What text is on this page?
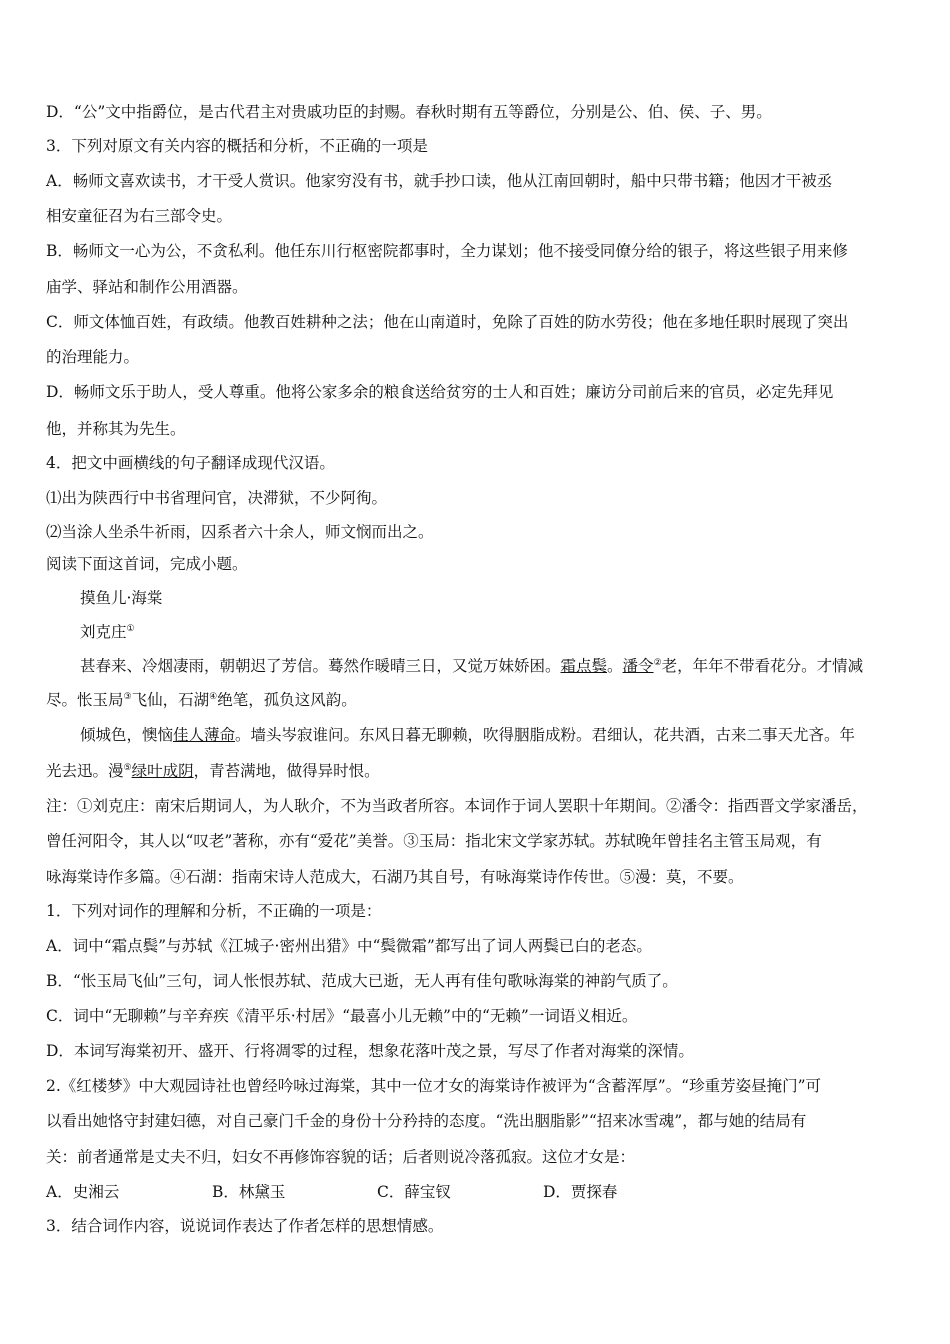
D．“公”文中指爵位，是古代君主对贵戚功臣的封赐。春秋时期有五等爵位，分别是公、伯、侯、子、男。
3．下列对原文有关内容的概括和分析，不正确的一项是
A．畅师文喜欢读书，才干受人赏识。他家穷没有书，就手抄口读，他从江南回朝时，船中只带书籍；他因才干被丞
相安童征召为右三部令史。
B．畅师文一心为公，不贪私利。他任东川行枢密院都事时，全力谋划；他不接受同僚分给的银子，将这些银子用来修
庙学、驿站和制作公用酒器。
C．师文体恤百姓，有政绩。他教百姓耕种之法；他在山南道时，免除了百姓的防水劳役；他在多地任职时展现了突出
的治理能力。
D．畅师文乐于助人，受人尊重。他将公家多余的粮食送给贫穷的士人和百姓；廉访分司前后来的官员，必定先拜见
他，并称其为先生。
4．把文中画横线的句子翻译成现代汉语。
⑴出为陕西行中书省理问官，决滞狱，不少阿徇。
⑵当涂人坐杀牛祈雨，囚系者六十余人，师文悯而出之。
阅读下面这首词，完成小题。
摸鱼儿·海棠
刘克庄①
甚春来、冷烟凄雨，朝朝迟了芳信。蓦然作暖晴三日，又觉万妹娇困。霜点鬓。潘令②老，年年不带看花分。才情减
尽。怅玉局③飞仙，石湖④绝笔，孤负这风韵。
倾城色，懊恼佳人薄命。墙头岑寂谁问。东风日暮无聊赖，吹得胭脂成粉。君细认，花共酒，古来二事天尤吝。年
光去迅。漫⑤绿叶成阴，青苔满地，做得异时恨。
注：①刘克庄：南宋后期词人，为人耿介，不为当政者所容。本词作于词人罢职十年期间。②潘令：指西晋文学家潘岳，
曾任河阳令，其人以“叹老”著称，亦有“爱花”美誉。③玉局：指北宋文学家苏轼。苏轼晚年曾挂名主管玉局观，有
咏海棠诗作多篇。④石湖：指南宋诗人范成大，石湖乃其自号，有咏海棠诗作传世。⑤漫：莫，不要。
1．下列对词作的理解和分析，不正确的一项是：
A．词中“霜点鬓”与苏轼《江城子·密州出猎》中“鬓微霜”都写出了词人两鬓已白的老态。
B．“怅玉局飞仙”三句，词人怅恨苏轼、范成大已逝，无人再有佳句歌咏海棠的神韵气质了。
C．词中“无聊赖”与辛弃疾《清平乐·村居》“最喜小儿无赖”中的“无赖”一词语义相近。
D．本词写海棠初开、盛开、行将凋零的过程，想象花落叶茂之景，写尽了作者对海棠的深情。
2.《红楼梦》中大观园诗社也曾经吟咏过海棠，其中一位才女的海棠诗作被评为“含蓄浑厚”。“珍重芳姿昼掩门”可
以看出她恪守封建妇德，对自己豪门千金的身份十分矜持的态度。“洗出胭脂影”“招来冰雪魂”，都与她的结局有
关：前者通常是丈夫不归，妇女不再修饰容貌的话；后者则说冷落孤寂。这位才女是：
A．史湘云	B．林黛玉	C．薛宝钗	D．贾探春
3．结合词作内容，说说词作表达了作者怎样的思想情感。
